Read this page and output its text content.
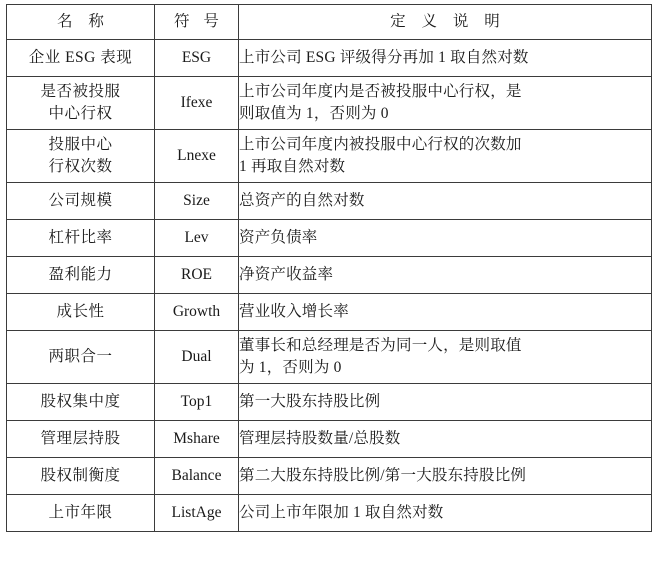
名 称	符 号	定 义 说 明
企业 ESG 表现	ESG	上市公司 ESG 评级得分再加 1 取自然对数
是否被投服
中心行权	Ifexe	上市公司年度内是否被投服中心行权，是
则取值为 1，否则为 0

投服中心
行权次数	Lnexe	上市公司年度内被投服中心行权的次数加
1 再取自然对数

公司规模	Size	总资产的自然对数
杠杆比率	Lev	资产负债率
盈利能力	ROE	净资产收益率
成长性	Growth	营业收入增长率
两职合一	Dual	董事长和总经理是否为同一人，是则取值
为 1，否则为 0

股权集中度	Top1	第一大股东持股比例
管理层持股	Mshare	管理层持股数量/总股数
股权制衡度	Balance	第二大股东持股比例/第一大股东持股比例
上市年限	ListAge	公司上市年限加 1 取自然对数
